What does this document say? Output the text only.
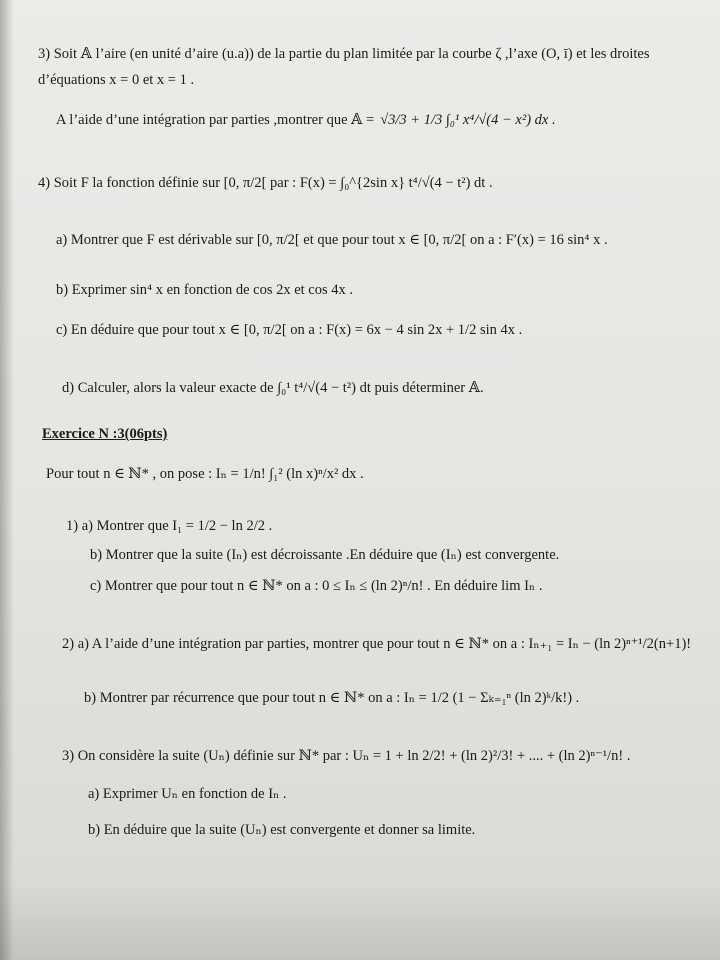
3) Soit 𝔸 l’aire (en unité d’aire (u.a)) de la partie du plan limitée par la courbe ζ ,l’axe (O, ī) et les droites
d’équations x = 0 et x = 1 .
A l’aide d’une intégration par parties ,montrer que 𝔸 = √3/3 + 1/3 ∫₀¹ x⁴/√(4 − x²) dx .
4) Soit F la fonction définie sur [0, π/2[ par : F(x) = ∫₀^{2sin x} t⁴/√(4 − t²) dt .
a) Montrer que F est dérivable sur [0, π/2[ et que pour tout x ∈ [0, π/2[ on a : F′(x) = 16 sin⁴ x .
b) Exprimer sin⁴ x en fonction de cos 2x et cos 4x .
c) En déduire que pour tout x ∈ [0, π/2[ on a : F(x) = 6x − 4 sin 2x + 1/2 sin 4x .
d) Calculer, alors la valeur exacte de ∫₀¹ t⁴/√(4 − t²) dt puis déterminer 𝔸.
Exercice N :3(06pts)
Pour tout n ∈ ℕ* , on pose : Iₙ = 1/n! ∫₁² (ln x)ⁿ/x² dx .
1) a) Montrer que I₁ = 1/2 − ln 2/2 .
b) Montrer que la suite (Iₙ) est décroissante .En déduire que (Iₙ) est convergente.
c) Montrer que pour tout n ∈ ℕ* on a : 0 ≤ Iₙ ≤ (ln 2)ⁿ/n! . En déduire lim Iₙ .
2) a) A l’aide d’une intégration par parties, montrer que pour tout n ∈ ℕ* on a : Iₙ₊₁ = Iₙ − (ln 2)ⁿ⁺¹/2(n+1)!
b) Montrer par récurrence que pour tout n ∈ ℕ* on a : Iₙ = 1/2 (1 − Σₖ₌₁ⁿ (ln 2)ᵏ/k!) .
3) On considère la suite (Uₙ) définie sur ℕ* par : Uₙ = 1 + ln 2/2! + (ln 2)²/3! + .... + (ln 2)ⁿ⁻¹/n! .
a) Exprimer Uₙ en fonction de Iₙ .
b) En déduire que la suite (Uₙ) est convergente et donner sa limite.
